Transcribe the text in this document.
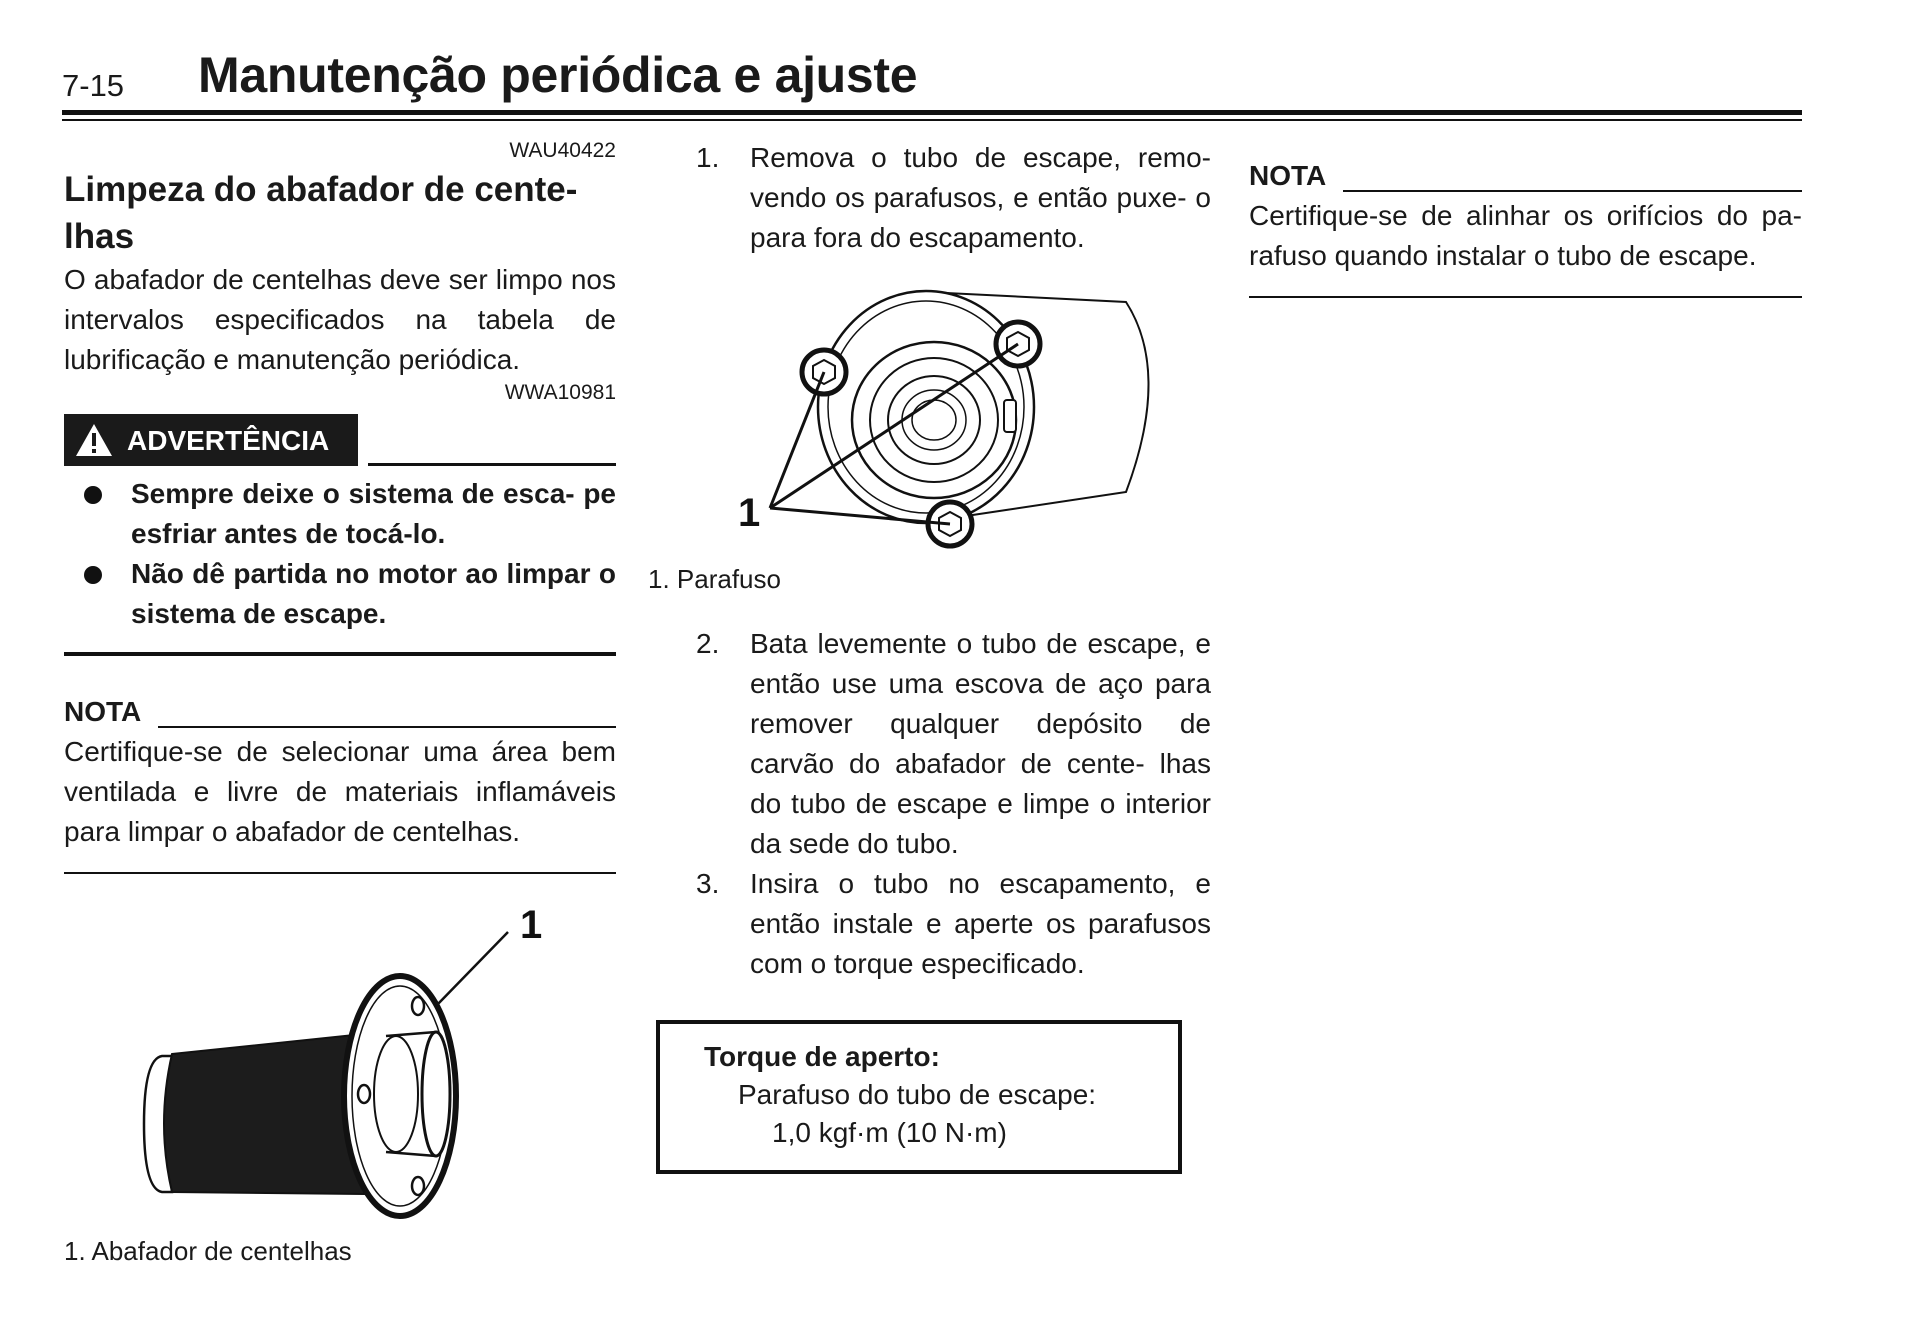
7-15 Manutenção periódica e ajuste
WAU40422
Limpeza do abafador de cente-
lhas
O abafador de centelhas deve ser limpo nos intervalos especificados na tabela de lubrificação e manutenção periódica.
WWA10981
ADVERTÊNCIA
Sempre deixe o sistema de esca- pe esfriar antes de tocá-lo.
Não dê partida no motor ao limpar o sistema de escape.
NOTA
Certifique-se de selecionar uma área bem ventilada e livre de materiais inflamáveis para limpar o abafador de centelhas.
1
1. Abafador de centelhas
1. Remova o tubo de escape, remo- vendo os parafusos, e então puxe- o para fora do escapamento.
1
1. Parafuso
2. Bata levemente o tubo de escape, e então use uma escova de aço para remover qualquer depósito de carvão do abafador de cente- lhas do tubo de escape e limpe o interior da sede do tubo.
3. Insira o tubo no escapamento, e então instale e aperte os parafusos com o torque especificado.
Torque de aperto:
Parafuso do tubo de escape:
1,0 kgf·m (10 N·m)
NOTA
Certifique-se de alinhar os orifícios do pa- rafuso quando instalar o tubo de escape.
